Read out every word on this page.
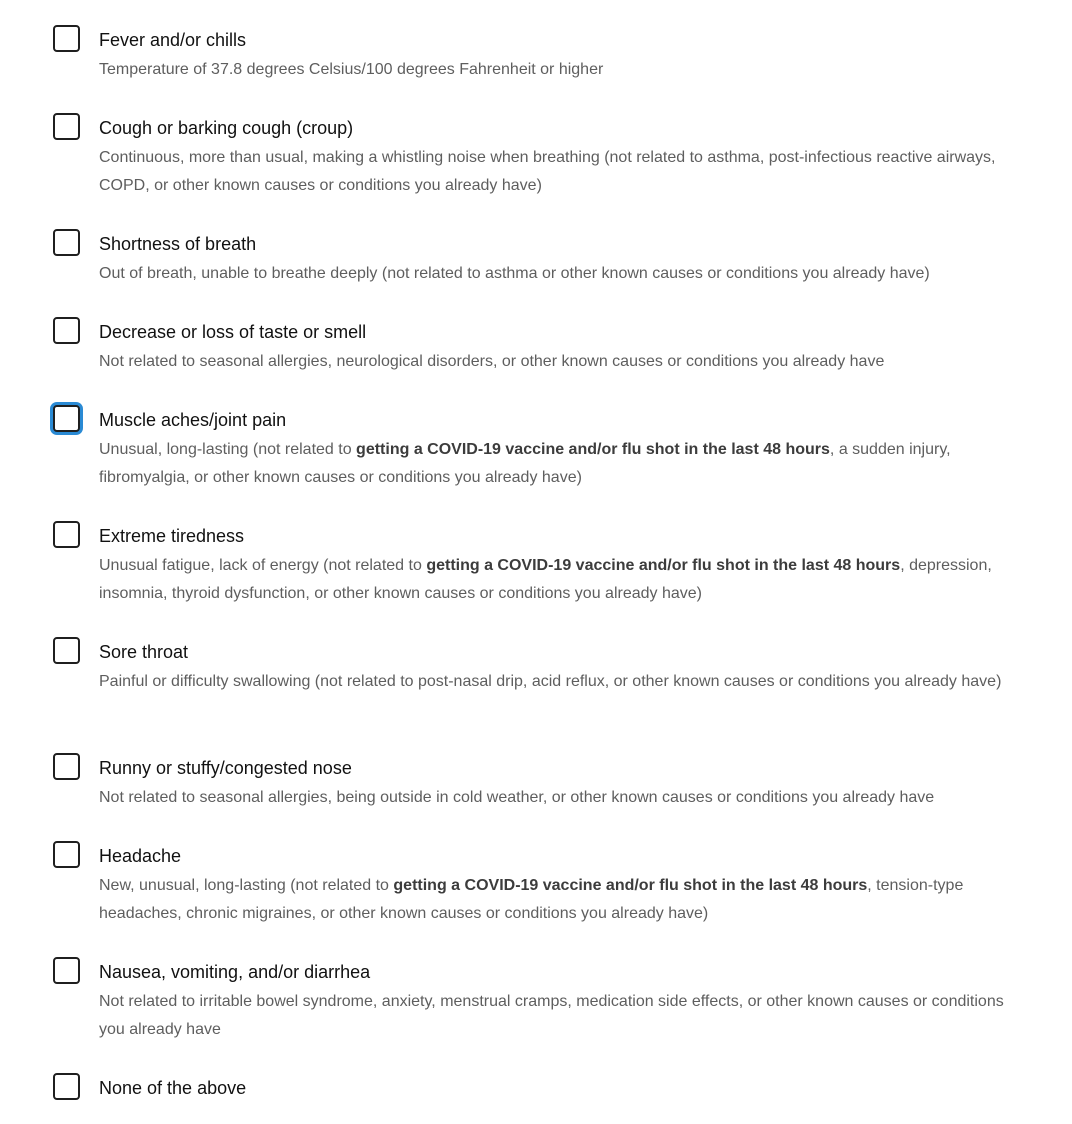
Fever and/or chills
Temperature of 37.8 degrees Celsius/100 degrees Fahrenheit or higher
Cough or barking cough (croup)
Continuous, more than usual, making a whistling noise when breathing (not related to asthma, post-infectious reactive airways, COPD, or other known causes or conditions you already have)
Shortness of breath
Out of breath, unable to breathe deeply (not related to asthma or other known causes or conditions you already have)
Decrease or loss of taste or smell
Not related to seasonal allergies, neurological disorders, or other known causes or conditions you already have
Muscle aches/joint pain
Unusual, long-lasting (not related to getting a COVID-19 vaccine and/or flu shot in the last 48 hours, a sudden injury, fibromyalgia, or other known causes or conditions you already have)
Extreme tiredness
Unusual fatigue, lack of energy (not related to getting a COVID-19 vaccine and/or flu shot in the last 48 hours, depression, insomnia, thyroid dysfunction, or other known causes or conditions you already have)
Sore throat
Painful or difficulty swallowing (not related to post-nasal drip, acid reflux, or other known causes or conditions you already have)
Runny or stuffy/congested nose
Not related to seasonal allergies, being outside in cold weather, or other known causes or conditions you already have
Headache
New, unusual, long-lasting (not related to getting a COVID-19 vaccine and/or flu shot in the last 48 hours, tension-type headaches, chronic migraines, or other known causes or conditions you already have)
Nausea, vomiting, and/or diarrhea
Not related to irritable bowel syndrome, anxiety, menstrual cramps, medication side effects, or other known causes or conditions you already have
None of the above
